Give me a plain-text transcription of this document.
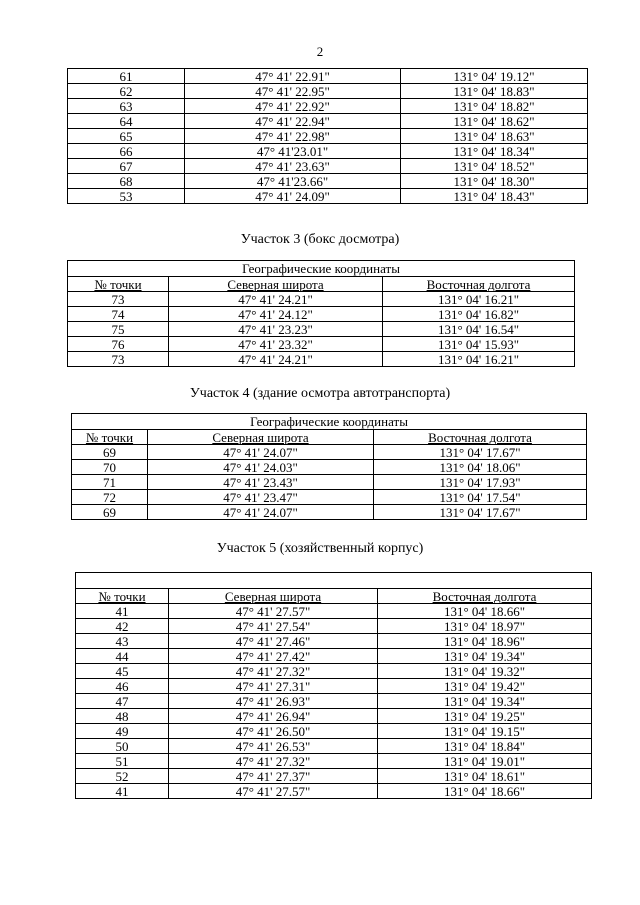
2
61	47° 41' 22.91"	131° 04' 19.12"
62	47° 41' 22.95"	131° 04' 18.83"
63	47° 41' 22.92"	131° 04' 18.82"
64	47° 41' 22.94"	131° 04' 18.62"
65	47° 41' 22.98"	131° 04' 18.63"
66	47° 41'23.01"	131° 04' 18.34"
67	47° 41' 23.63"	131° 04' 18.52"
68	47° 41'23.66"	131° 04' 18.30"
53	47° 41' 24.09"	131° 04' 18.43"
Участок 3 (бокс досмотра)
Географические координаты		
№ точки	Северная широта	Восточная долгота
73	47° 41' 24.21"	131° 04' 16.21"
74	47° 41' 24.12"	131° 04' 16.82"
75	47° 41' 23.23"	131° 04' 16.54"
76	47° 41' 23.32"	131° 04' 15.93"
73	47° 41' 24.21"	131° 04' 16.21"
Участок 4 (здание осмотра автотранспорта)
Географические координаты		
№ точки	Северная широта	Восточная долгота
69	47° 41' 24.07"	131° 04' 17.67"
70	47° 41' 24.03"	131° 04' 18.06"
71	47° 41' 23.43"	131° 04' 17.93"
72	47° 41' 23.47"	131° 04' 17.54"
69	47° 41' 24.07"	131° 04' 17.67"
Участок 5 (хозяйственный корпус)

№ точки	Северная широта	Восточная долгота
41	47° 41' 27.57"	131° 04' 18.66"
42	47° 41' 27.54"	131° 04' 18.97"
43	47° 41' 27.46"	131° 04' 18.96"
44	47° 41' 27.42"	131° 04' 19.34"
45	47° 41' 27.32"	131° 04' 19.32"
46	47° 41' 27.31"	131° 04' 19.42"
47	47° 41' 26.93"	131° 04' 19.34"
48	47° 41' 26.94"	131° 04' 19.25"
49	47° 41' 26.50"	131° 04' 19.15"
50	47° 41' 26.53"	131° 04' 18.84"
51	47° 41' 27.32"	131° 04' 19.01"
52	47° 41' 27.37"	131° 04' 18.61"
41	47° 41' 27.57"	131° 04' 18.66"
